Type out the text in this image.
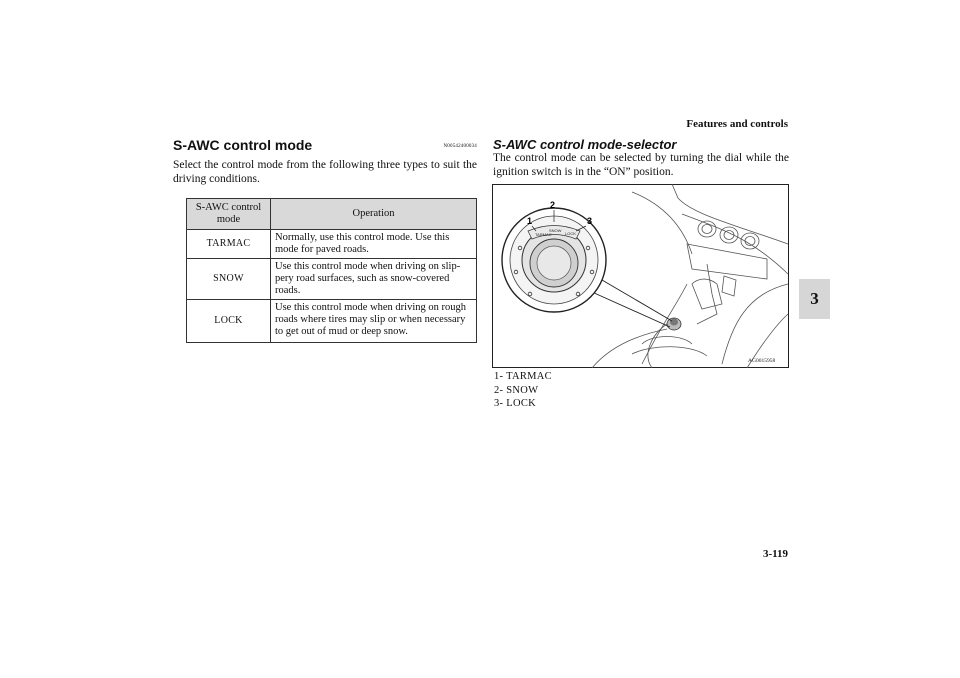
Features and controls
3
3-119
S-AWC control mode	N00542400034
Select the control mode from the following three types to suit the driving conditions.
S-AWC control mode	Operation
TARMAC	Normally, use this control mode. Use this mode for paved roads.
SNOW	Use this control mode when driving on slip-pery road surfaces, such as snow-covered roads.
LOCK	Use this control mode when driving on rough roads where tires may slip or when necessary to get out of mud or deep snow.
S-AWC control mode-selector
The control mode can be selected by turning the dial while the ignition switch is in the “ON” position.
TARMAC
SNOW
LOCK
1
2
3
AG0015958
1- TARMAC
2- SNOW
3- LOCK
